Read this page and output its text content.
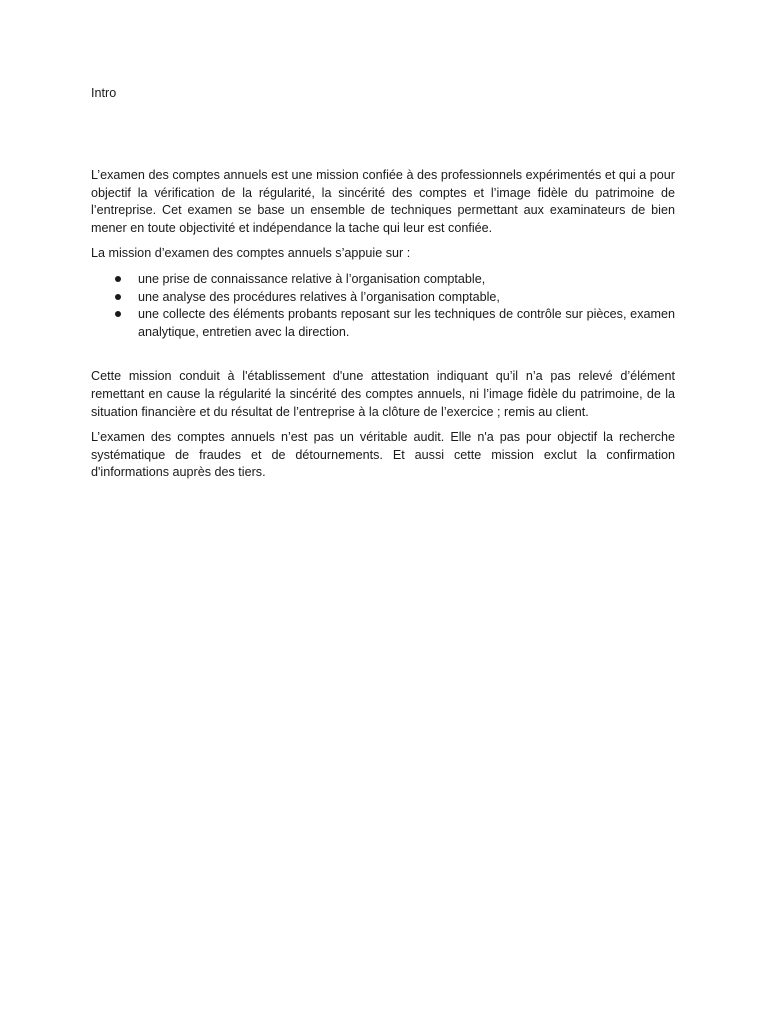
Intro

L’examen des comptes annuels est une mission confiée à des professionnels expérimentés et qui a pour objectif la vérification de la régularité, la sincérité des comptes et l’image fidèle du patrimoine de l’entreprise. Cet examen se base un ensemble de techniques permettant aux examinateurs de bien mener en toute objectivité et indépendance la tache qui leur est confiée.

La mission d’examen des comptes annuels s’appuie sur :

une prise de connaissance relative à l’organisation comptable,
une analyse des procédures relatives à l’organisation comptable,
une collecte des éléments probants reposant sur les techniques de contrôle sur pièces, examen analytique, entretien avec la direction.

Cette mission conduit à l'établissement d'une attestation indiquant qu’il n’a pas relevé d’élément remettant en cause la régularité la sincérité des comptes annuels, ni l’image fidèle du patrimoine, de la situation financière et du résultat de l’entreprise à la clôture de l’exercice ; remis au client.

L’examen des comptes annuels n’est pas un véritable audit. Elle n'a pas pour objectif la recherche systématique de fraudes et de détournements. Et aussi cette mission exclut la confirmation d'informations auprès des tiers.
